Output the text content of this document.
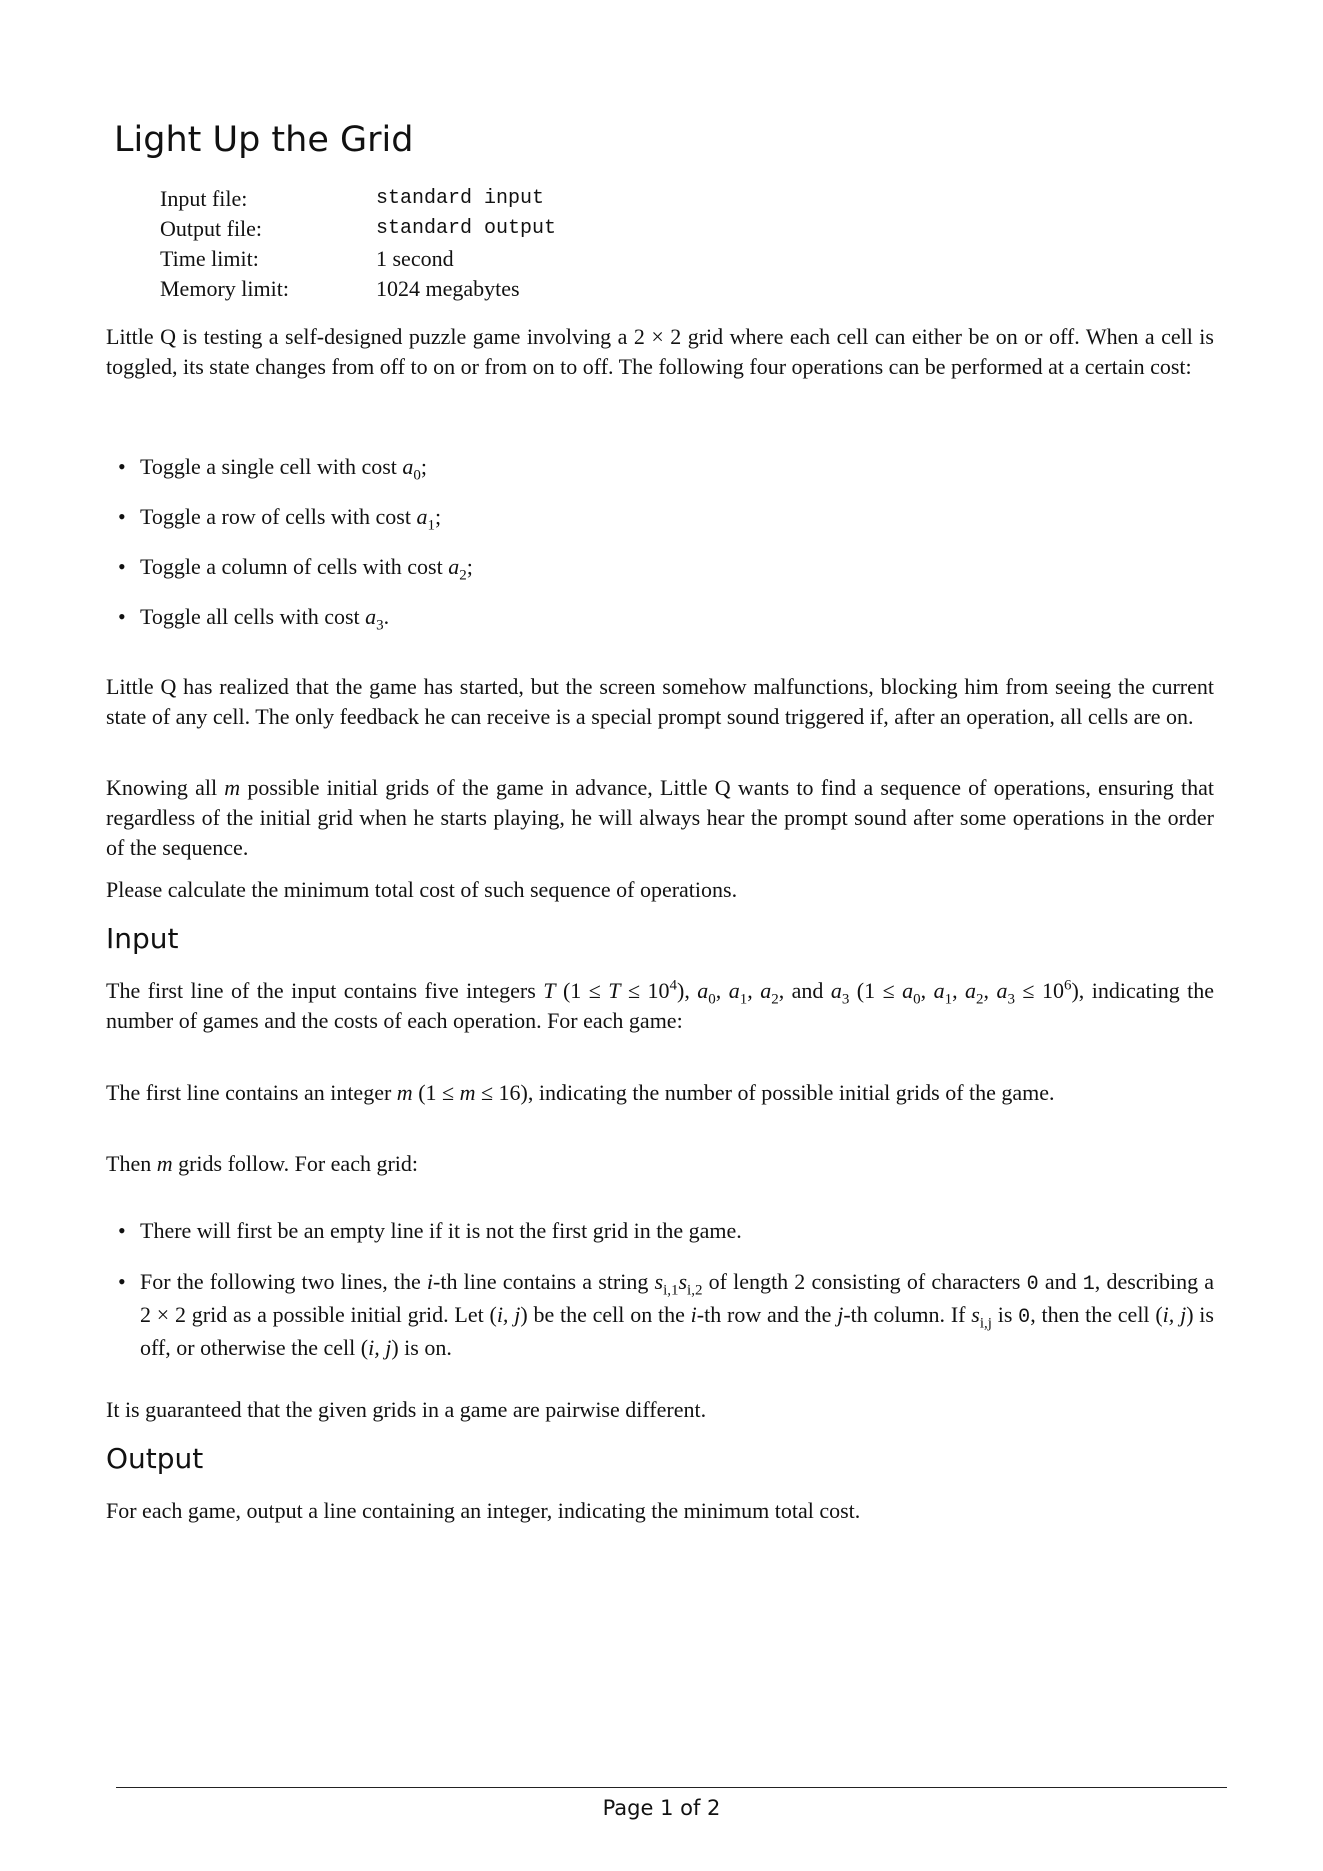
Light Up the Grid
Input file:	standard input
Output file:	standard output
Time limit:	1 second
Memory limit:	1024 megabytes
Little Q is testing a self-designed puzzle game involving a 2 × 2 grid where each cell can either be on or off. When a cell is toggled, its state changes from off to on or from on to off. The following four operations can be performed at a certain cost:
• Toggle a single cell with cost $a_0$;
• Toggle a row of cells with cost $a_1$;
• Toggle a column of cells with cost $a_2$;
• Toggle all cells with cost $a_3$.
Little Q has realized that the game has started, but the screen somehow malfunctions, blocking him from seeing the current state of any cell. The only feedback he can receive is a special prompt sound triggered if, after an operation, all cells are on.
Knowing all m possible initial grids of the game in advance, Little Q wants to find a sequence of operations, ensuring that regardless of the initial grid when he starts playing, he will always hear the prompt sound after some operations in the order of the sequence.
Please calculate the minimum total cost of such sequence of operations.
Input
The first line of the input contains five integers T $(1 \le T \le 10^4)$, $a_0$, $a_1$, $a_2$, and $a_3$ ($1 \le a_0$, $a_1$, $a_2$, $a_3 \le 10^6$), indicating the number of games and the costs of each operation. For each game:
The first line contains an integer m (1 ≤ m ≤ 16), indicating the number of possible initial grids of the game.
Then m grids follow. For each grid:
• There will first be an empty line if it is not the first grid in the game.
• For the following two lines, the i-th line contains a string $s_{i,1}s_{i,2}$ of length 2 consisting of characters 0 and 1, describing a 2 × 2 grid as a possible initial grid. Let (i, j) be the cell on the i-th row and the j-th column. If $s_{i,j}$ is 0, then the cell (i, j) is off, or otherwise the cell (i, j) is on.
It is guaranteed that the given grids in a game are pairwise different.
Output
For each game, output a line containing an integer, indicating the minimum total cost.
Page 1 of 2
